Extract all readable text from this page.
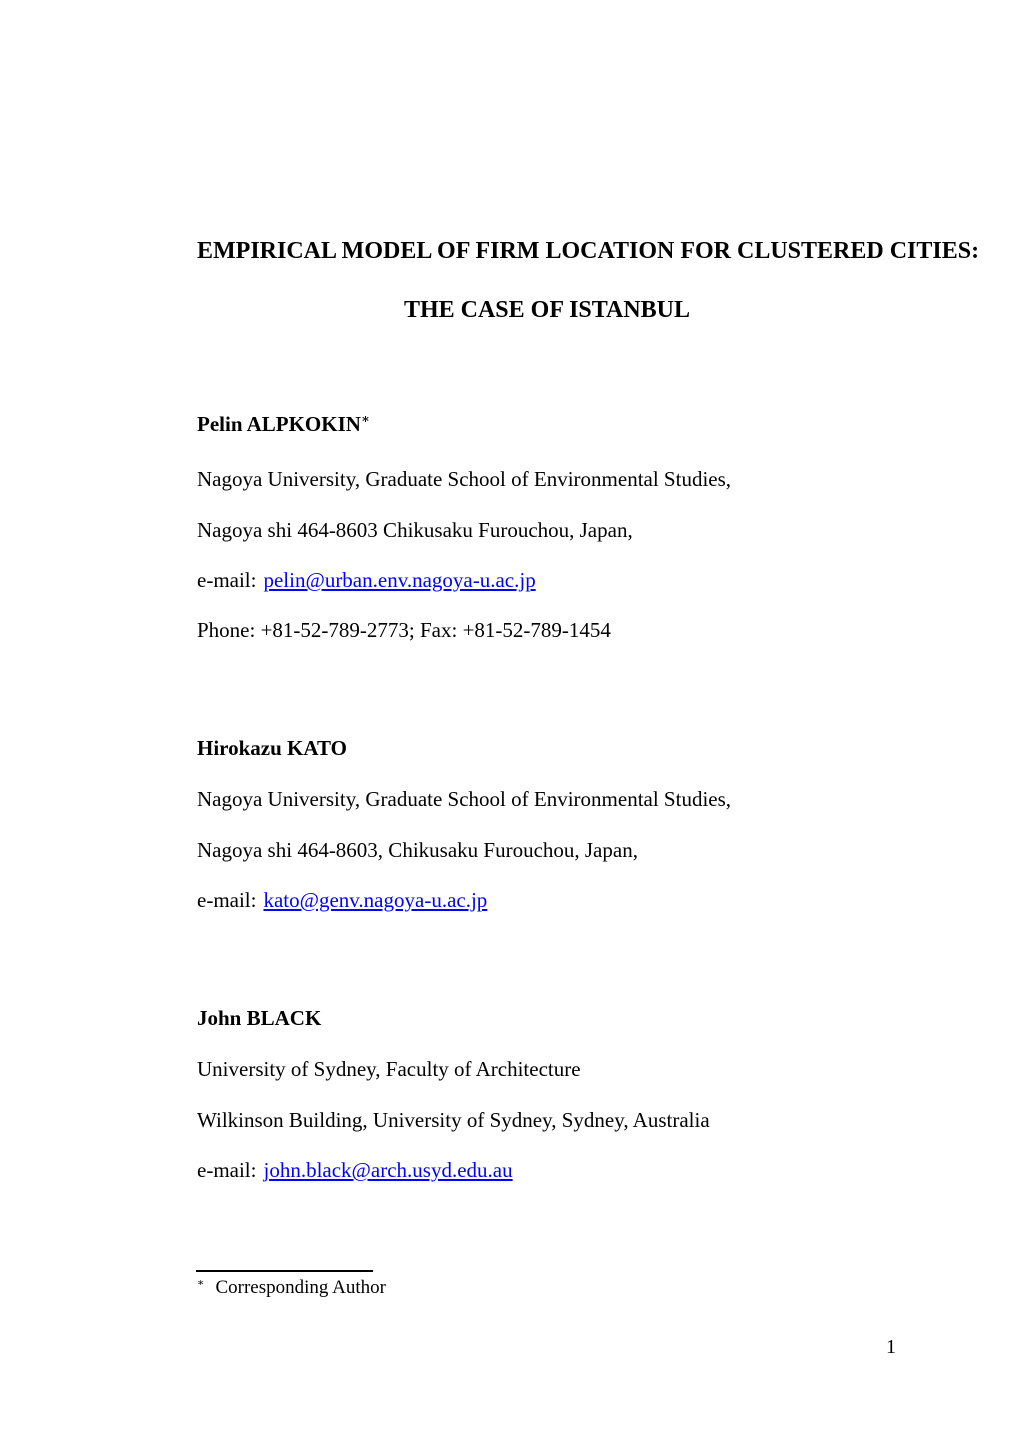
EMPIRICAL MODEL OF FIRM LOCATION FOR CLUSTERED CITIES:
THE CASE OF ISTANBUL
Pelin ALPKOKIN∗
Nagoya University, Graduate School of Environmental Studies,
Nagoya shi 464-8603 Chikusaku Furouchou, Japan,
e-mail: pelin@urban.env.nagoya-u.ac.jp
Phone: +81-52-789-2773; Fax: +81-52-789-1454
Hirokazu KATO
Nagoya University, Graduate School of Environmental Studies,
Nagoya shi 464-8603, Chikusaku Furouchou, Japan,
e-mail: kato@genv.nagoya-u.ac.jp
John BLACK
University of Sydney, Faculty of Architecture
Wilkinson Building, University of Sydney, Sydney, Australia
e-mail: john.black@arch.usyd.edu.au
∗ Corresponding Author
1
